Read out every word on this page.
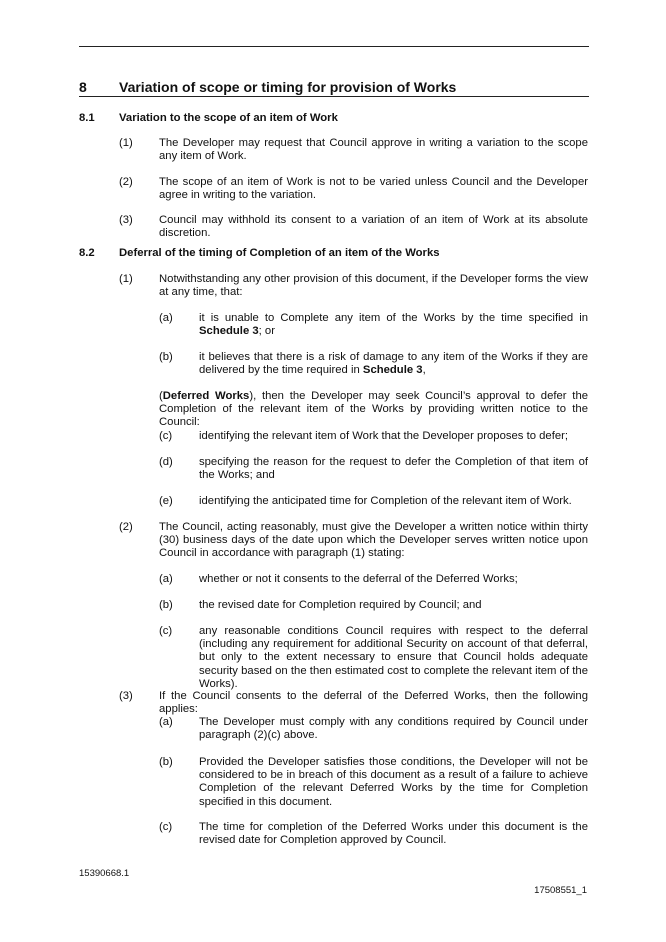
8 Variation of scope or timing for provision of Works
8.1 Variation to the scope of an item of Work
(1) The Developer may request that Council approve in writing a variation to the scope any item of Work.
(2) The scope of an item of Work is not to be varied unless Council and the Developer agree in writing to the variation.
(3) Council may withhold its consent to a variation of an item of Work at its absolute discretion.
8.2 Deferral of the timing of Completion of an item of the Works
(1) Notwithstanding any other provision of this document, if the Developer forms the view at any time, that:
(a) it is unable to Complete any item of the Works by the time specified in Schedule 3; or
(b) it believes that there is a risk of damage to any item of the Works if they are delivered by the time required in Schedule 3,
(Deferred Works), then the Developer may seek Council’s approval to defer the Completion of the relevant item of the Works by providing written notice to the Council:
(c) identifying the relevant item of Work that the Developer proposes to defer;
(d) specifying the reason for the request to defer the Completion of that item of the Works; and
(e) identifying the anticipated time for Completion of the relevant item of Work.
(2) The Council, acting reasonably, must give the Developer a written notice within thirty (30) business days of the date upon which the Developer serves written notice upon Council in accordance with paragraph (1) stating:
(a) whether or not it consents to the deferral of the Deferred Works;
(b) the revised date for Completion required by Council; and
(c) any reasonable conditions Council requires with respect to the deferral (including any requirement for additional Security on account of that deferral, but only to the extent necessary to ensure that Council holds adequate security based on the then estimated cost to complete the relevant item of the Works).
(3) If the Council consents to the deferral of the Deferred Works, then the following applies:
(a) The Developer must comply with any conditions required by Council under paragraph (2)(c) above.
(b) Provided the Developer satisfies those conditions, the Developer will not be considered to be in breach of this document as a result of a failure to achieve Completion of the relevant Deferred Works by the time for Completion specified in this document.
(c) The time for completion of the Deferred Works under this document is the revised date for Completion approved by Council.
15390668.1
17508551_1
